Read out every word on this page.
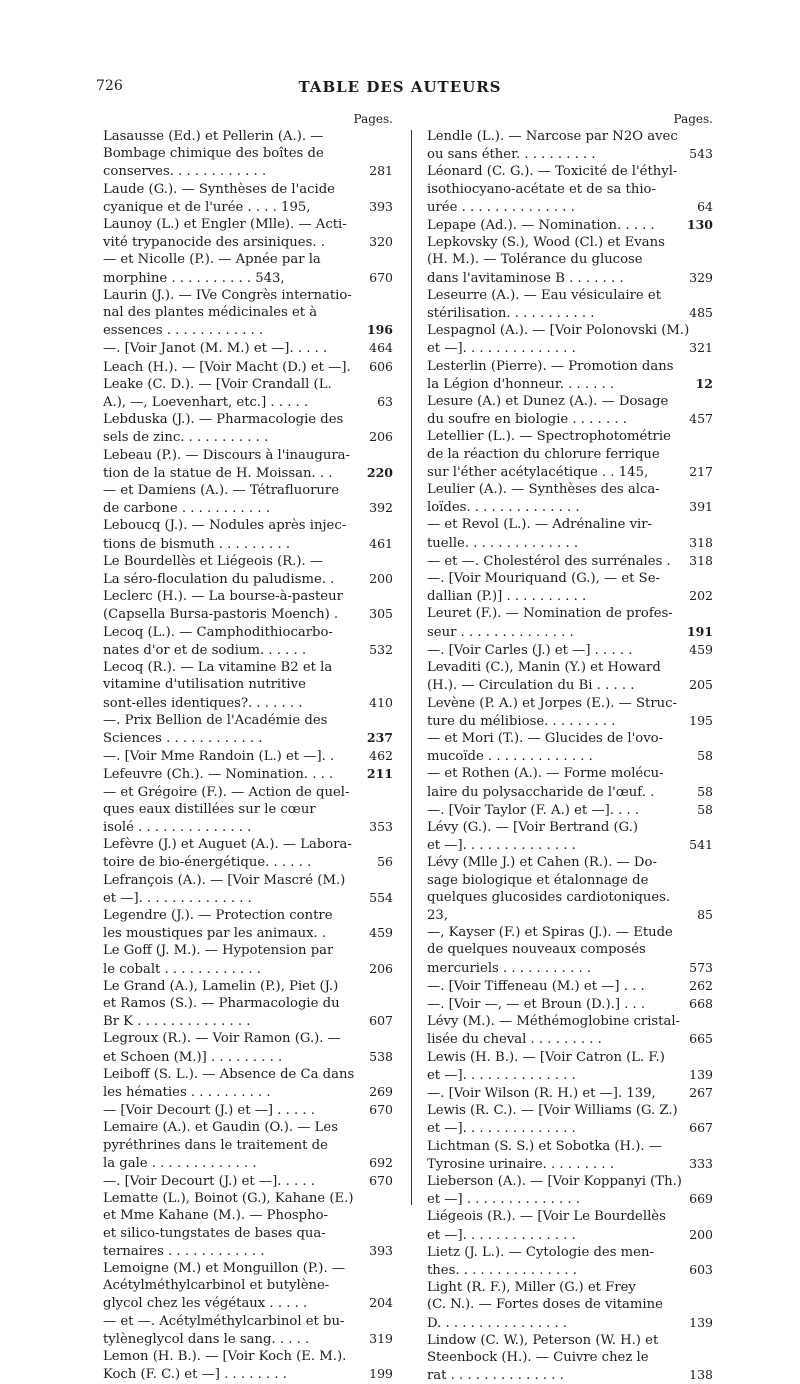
726	TABLE DES AUTEURS
Pages.
Lasausse (Ed.) et Pellerin (A.). —
Bombage chimique des boîtes de
conserves. . . . . . . . . . . .	281
Laude (G.). — Synthèses de l'acide
cyanique et de l'urée . . . . 195,	393
Launoy (L.) et Engler (Mlle). — Acti-
vité trypanocide des arsiniques. .	320
— et Nicolle (P.). — Apnée par la
morphine . . . . . . . . . . 543,	670
Laurin (J.). — IVe Congrès internatio-
nal des plantes médicinales et à
essences . . . . . . . . . . . .	196
—. [Voir Janot (M. M.) et —]. . . . .	464
Leach (H.). — [Voir Macht (D.) et —].	606
Leake (C. D.). — [Voir Crandall (L.
A.), —, Loevenhart, etc.] . . . . .	63
Lebduska (J.). — Pharmacologie des
sels de zinc. . . . . . . . . . .	206
Lebeau (P.). — Discours à l'inaugura-
tion de la statue de H. Moissan. . .	220
— et Damiens (A.). — Tétrafluorure
de carbone . . . . . . . . . . .	392
Leboucq (J.). — Nodules après injec-
tions de bismuth . . . . . . . . .	461
Le Bourdellès et Liégeois (R.). —
La séro-floculation du paludisme. .	200
Leclerc (H.). — La bourse-à-pasteur
(Capsella Bursa-pastoris Moench) .	305
Lecoq (L.). — Camphodithiocarbo-
nates d'or et de sodium. . . . . .	532
Lecoq (R.). — La vitamine B2 et la
vitamine d'utilisation nutritive
sont-elles identiques?. . . . . . .	410
—. Prix Bellion de l'Académie des
Sciences . . . . . . . . . . . .	237
—. [Voir Mme Randoin (L.) et —]. .	462
Lefeuvre (Ch.). — Nomination. . . .	211
— et Grégoire (F.). — Action de quel-
ques eaux distillées sur le cœur
isolé . . . . . . . . . . . . . .	353
Lefèvre (J.) et Auguet (A.). — Labora-
toire de bio-énergétique. . . . . .	56
Lefrançois (A.). — [Voir Mascré (M.)
et —]. . . . . . . . . . . . . .	554
Legendre (J.). — Protection contre
les moustiques par les animaux. .	459
Le Goff (J. M.). — Hypotension par
le cobalt . . . . . . . . . . . .	206
Le Grand (A.), Lamelin (P.), Piet (J.)
et Ramos (S.). — Pharmacologie du
Br K . . . . . . . . . . . . . .	607
Legroux (R.). — Voir Ramon (G.). —
et Schoen (M.)] . . . . . . . . .	538
Leiboff (S. L.). — Absence de Ca dans
les hématies . . . . . . . . . .	269
— [Voir Decourt (J.) et —] . . . . .	670
Lemaire (A.). et Gaudin (O.). — Les
pyréthrines dans le traitement de
la gale . . . . . . . . . . . . .	692
—. [Voir Decourt (J.) et —]. . . . .	670
Lematte (L.), Boinot (G.), Kahane (E.)
et Mme Kahane (M.). — Phospho-
et silico-tungstates de bases qua-
ternaires . . . . . . . . . . . .	393
Lemoigne (M.) et Monguillon (P.). —
Acétylméthylcarbinol et butylène-
glycol chez les végétaux . . . . .	204
— et —. Acétylméthylcarbinol et bu-
tylèneglycol dans le sang. . . . .	319
Lemon (H. B.). — [Voir Koch (E. M.).
Koch (F. C.) et —] . . . . . . . .	199
Pages.
Lendle (L.). — Narcose par N2O avec
ou sans éther. . . . . . . . . .	543
Léonard (C. G.). — Toxicité de l'éthyl-
isothiocyano-acétate et de sa thio-
urée . . . . . . . . . . . . . .	64
Lepape (Ad.). — Nomination. . . . .	130
Lepkovsky (S.), Wood (Cl.) et Evans
(H. M.). — Tolérance du glucose
dans l'avitaminose B . . . . . . .	329
Leseurre (A.). — Eau vésiculaire et
stérilisation. . . . . . . . . . .	485
Lespagnol (A.). — [Voir Polonovski (M.)
et —]. . . . . . . . . . . . . .	321
Lesterlin (Pierre). — Promotion dans
la Légion d'honneur. . . . . . .	12
Lesure (A.) et Dunez (A.). — Dosage
du soufre en biologie . . . . . . .	457
Letellier (L.). — Spectrophotométrie
de la réaction du chlorure ferrique
sur l'éther acétylacétique . . 145,	217
Leulier (A.). — Synthèses des alca-
loïdes. . . . . . . . . . . . . .	391
— et Revol (L.). — Adrénaline vir-
tuelle. . . . . . . . . . . . . .	318
— et —. Cholestérol des surrénales .	318
—. [Voir Mouriquand (G.), — et Se-
dallian (P.)] . . . . . . . . . .	202
Leuret (F.). — Nomination de profes-
seur . . . . . . . . . . . . . .	191
—. [Voir Carles (J.) et —] . . . . .	459
Levaditi (C.), Manin (Y.) et Howard
(H.). — Circulation du Bi . . . . .	205
Levène (P. A.) et Jorpes (E.). — Struc-
ture du mélibiose. . . . . . . . .	195
— et Mori (T.). — Glucides de l'ovo-
mucoïde . . . . . . . . . . . . .	58
— et Rothen (A.). — Forme molécu-
laire du polysaccharide de l'œuf. .	58
—. [Voir Taylor (F. A.) et —]. . . .	58
Lévy (G.). — [Voir Bertrand (G.)
et —]. . . . . . . . . . . . . .	541
Lévy (Mlle J.) et Cahen (R.). — Do-
sage biologique et étalonnage de
quelques glucosides cardiotoniques.
23,	85
—, Kayser (F.) et Spiras (J.). — Etude
de quelques nouveaux composés
mercuriels . . . . . . . . . . .	573
—. [Voir Tiffeneau (M.) et —] . . .	262
—. [Voir —, — et Broun (D.).] . . .	668
Lévy (M.). — Méthémoglobine cristal-
lisée du cheval . . . . . . . . .	665
Lewis (H. B.). — [Voir Catron (L. F.)
et —]. . . . . . . . . . . . . .	139
—. [Voir Wilson (R. H.) et —]. 139,	267
Lewis (R. C.). — [Voir Williams (G. Z.)
et —]. . . . . . . . . . . . . .	667
Lichtman (S. S.) et Sobotka (H.). —
Tyrosine urinaire. . . . . . . . .	333
Lieberson (A.). — [Voir Koppanyi (Th.)
et —] . . . . . . . . . . . . . .	669
Liégeois (R.). — [Voir Le Bourdellès
et —]. . . . . . . . . . . . . .	200
Lietz (J. L.). — Cytologie des men-
thes. . . . . . . . . . . . . . .	603
Light (R. F.), Miller (G.) et Frey
(C. N.). — Fortes doses de vitamine
D. . . . . . . . . . . . . . . .	139
Lindow (C. W.), Peterson (W. H.) et
Steenbock (H.). — Cuivre chez le
rat . . . . . . . . . . . . . .	138
